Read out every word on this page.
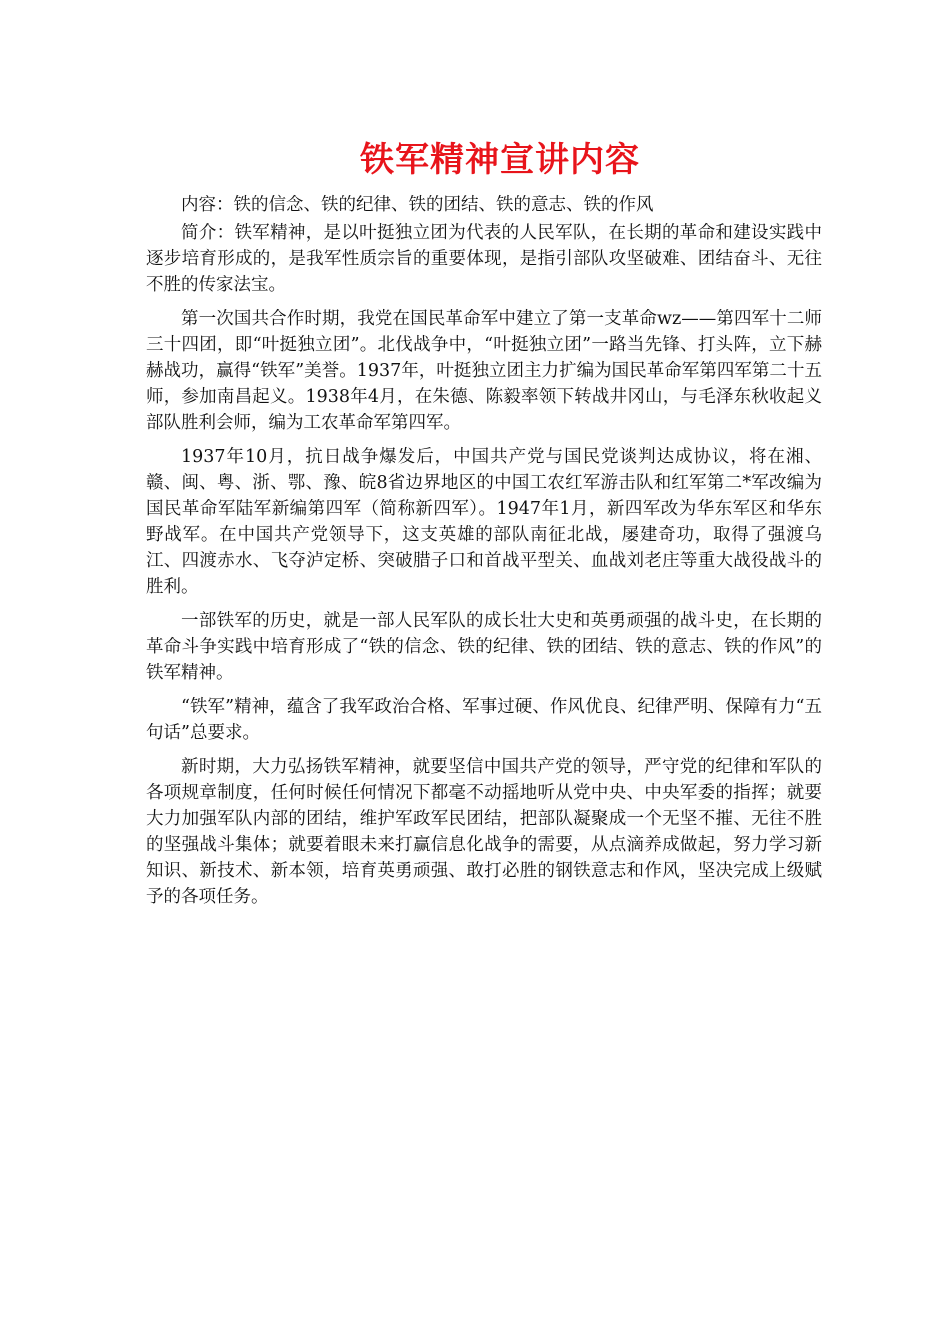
铁军精神宣讲内容

内容：铁的信念、铁的纪律、铁的团结、铁的意志、铁的作风

简介：铁军精神，是以叶挺独立团为代表的人民军队，在长期的革命和建设实践中逐步培育形成的，是我军性质宗旨的重要体现，是指引部队攻坚破难、团结奋斗、无往不胜的传家法宝。

第一次国共合作时期，我党在国民革命军中建立了第一支革命wz——第四军十二师三十四团，即“叶挺独立团”。北伐战争中，“叶挺独立团”一路当先锋、打头阵，立下赫赫战功，赢得“铁军”美誉。1937年，叶挺独立团主力扩编为国民革命军第四军第二十五师，参加南昌起义。1938年4月，在朱德、陈毅率领下转战井冈山，与毛泽东秋收起义部队胜利会师，编为工农革命军第四军。

1937年10月，抗日战争爆发后，中国共产党与国民党谈判达成协议，将在湘、赣、闽、粤、浙、鄂、豫、皖8省边界地区的中国工农红军游击队和红军第二*军改编为国民革命军陆军新编第四军（简称新四军）。1947年1月，新四军改为华东军区和华东野战军。在中国共产党领导下，这支英雄的部队南征北战，屡建奇功，取得了强渡乌江、四渡赤水、飞夺泸定桥、突破腊子口和首战平型关、血战刘老庄等重大战役战斗的胜利。

一部铁军的历史，就是一部人民军队的成长壮大史和英勇顽强的战斗史，在长期的革命斗争实践中培育形成了“铁的信念、铁的纪律、铁的团结、铁的意志、铁的作风”的铁军精神。

“铁军”精神，蕴含了我军政治合格、军事过硬、作风优良、纪律严明、保障有力“五句话”总要求。

新时期，大力弘扬铁军精神，就要坚信中国共产党的领导，严守党的纪律和军队的各项规章制度，任何时候任何情况下都毫不动摇地听从党中央、中央军委的指挥；就要大力加强军队内部的团结，维护军政军民团结，把部队凝聚成一个无坚不摧、无往不胜的坚强战斗集体；就要着眼未来打赢信息化战争的需要，从点滴养成做起，努力学习新知识、新技术、新本领，培育英勇顽强、敢打必胜的钢铁意志和作风，坚决完成上级赋予的各项任务。
